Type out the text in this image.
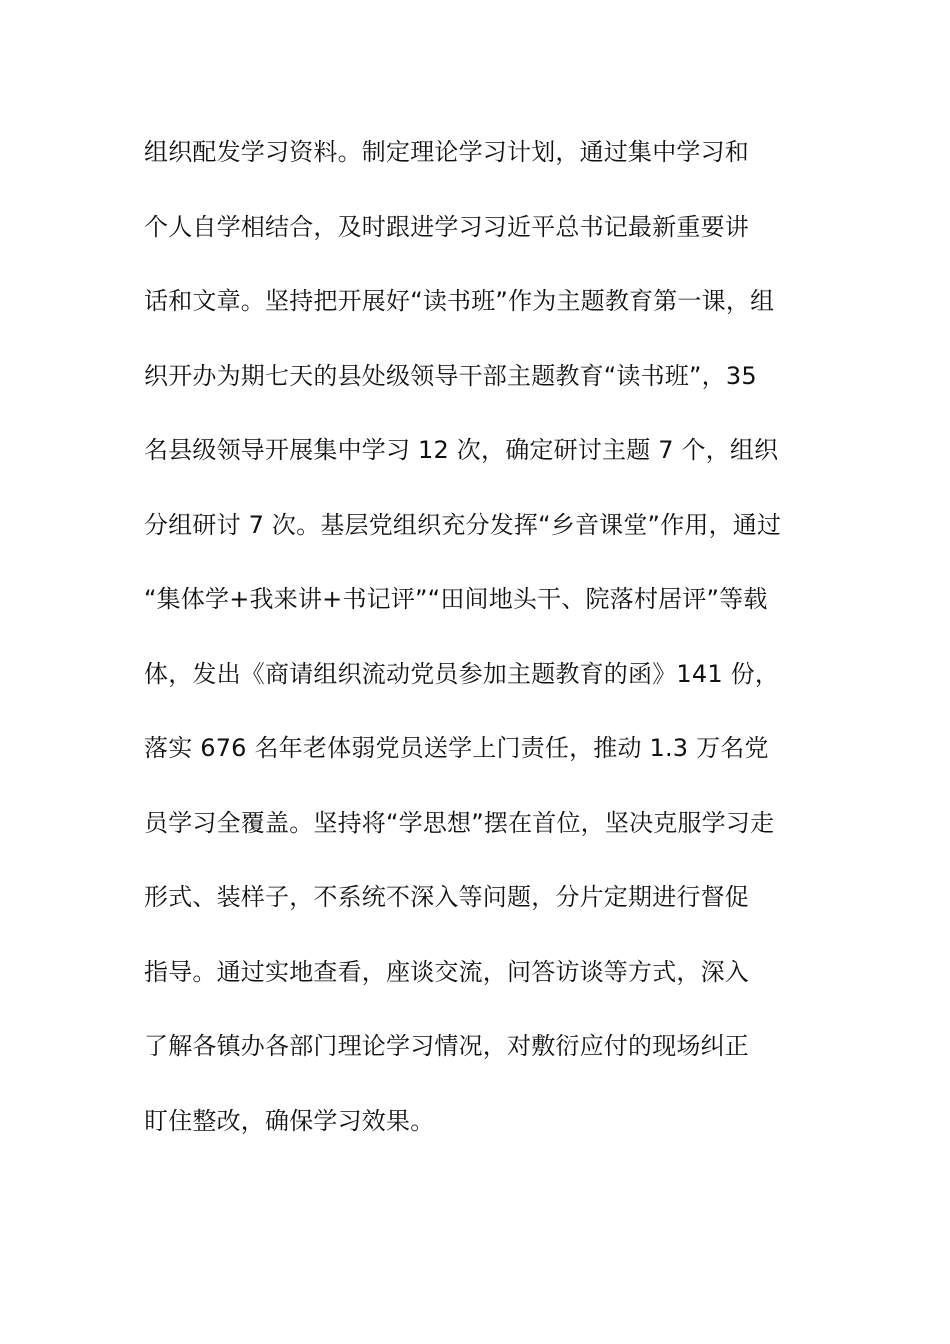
组织配发学习资料。制定理论学习计划，通过集中学习和
个人自学相结合，及时跟进学习习近平总书记最新重要讲
话和文章。坚持把开展好“读书班”作为主题教育第一课，组
织开办为期七天的县处级领导干部主题教育“读书班”，35
名县级领导开展集中学习 12 次，确定研讨主题 7 个，组织
分组研讨 7 次。基层党组织充分发挥“乡音课堂”作用，通过
“集体学+我来讲+书记评”“田间地头干、院落村居评”等载
体，发出《商请组织流动党员参加主题教育的函》141 份，
落实 676 名年老体弱党员送学上门责任，推动 1.3 万名党
员学习全覆盖。坚持将“学思想”摆在首位，坚决克服学习走
形式、装样子，不系统不深入等问题，分片定期进行督促
指导。通过实地查看，座谈交流，问答访谈等方式，深入
了解各镇办各部门理论学习情况，对敷衍应付的现场纠正
盯住整改，确保学习效果。
